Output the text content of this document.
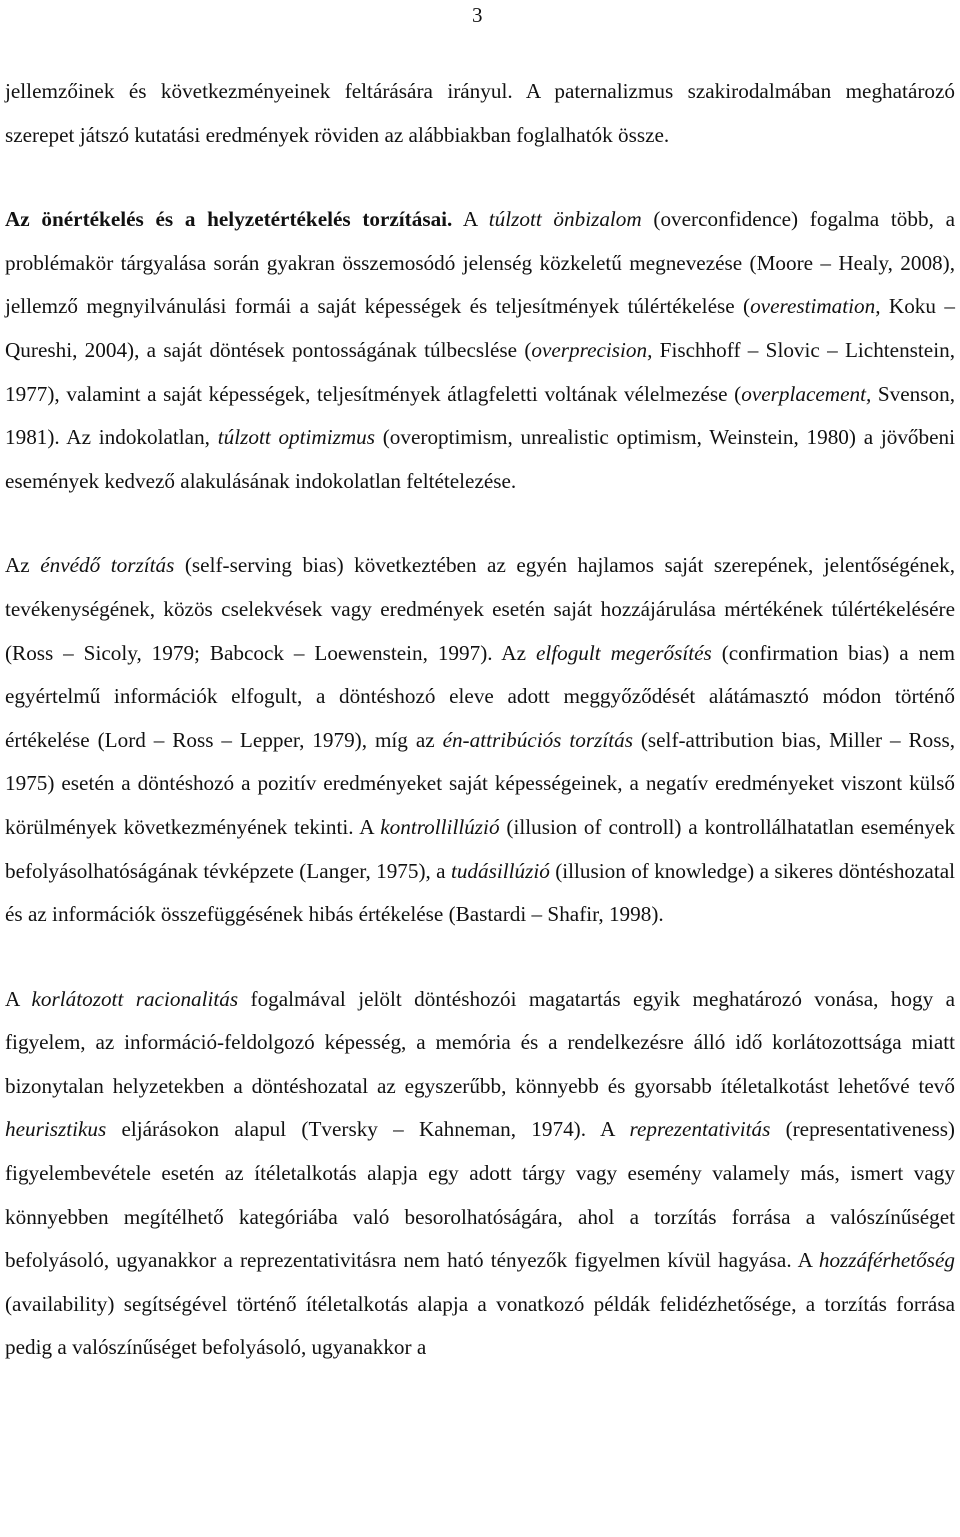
3

jellemzőinek és következményeinek feltárására irányul. A paternalizmus szakirodalmában meghatározó szerepet játszó kutatási eredmények röviden az alábbiakban foglalhatók össze.

Az önértékelés és a helyzetértékelés torzításai. A túlzott önbizalom (overconfidence) fogalma több, a problémakör tárgyalása során gyakran összemosódó jelenség közkeletű megnevezése (Moore – Healy, 2008), jellemző megnyilvánulási formái a saját képességek és teljesítmények túlértékelése (overestimation, Koku – Qureshi, 2004), a saját döntések pontosságának túlbecslése (overprecision, Fischhoff – Slovic – Lichtenstein, 1977), valamint a saját képességek, teljesítmények átlagfeletti voltának vélelmezése (overplacement, Svenson, 1981). Az indokolatlan, túlzott optimizmus (overoptimism, unrealistic optimism, Weinstein, 1980) a jövőbeni események kedvező alakulásának indokolatlan feltételezése.

Az énvédő torzítás (self-serving bias) következtében az egyén hajlamos saját szerepének, jelentőségének, tevékenységének, közös cselekvések vagy eredmények esetén saját hozzájárulása mértékének túlértékelésére (Ross – Sicoly, 1979; Babcock – Loewenstein, 1997). Az elfogult megerősítés (confirmation bias) a nem egyértelmű információk elfogult, a döntéshozó eleve adott meggyőződését alátámasztó módon történő értékelése (Lord – Ross – Lepper, 1979), míg az én-attribúciós torzítás (self-attribution bias, Miller – Ross, 1975) esetén a döntéshozó a pozitív eredményeket saját képességeinek, a negatív eredményeket viszont külső körülmények következményének tekinti. A kontrollillúzió (illusion of controll) a kontrollálhatatlan események befolyásolhatóságának tévképzete (Langer, 1975), a tudásillúzió (illusion of knowledge) a sikeres döntéshozatal és az információk összefüggésének hibás értékelése (Bastardi – Shafir, 1998).

A korlátozott racionalitás fogalmával jelölt döntéshozói magatartás egyik meghatározó vonása, hogy a figyelem, az információ-feldolgozó képesség, a memória és a rendelkezésre álló idő korlátozottsága miatt bizonytalan helyzetekben a döntéshozatal az egyszerűbb, könnyebb és gyorsabb ítéletalkotást lehetővé tevő heurisztikus eljárásokon alapul (Tversky – Kahneman, 1974). A reprezentativitás (representativeness) figyelembevétele esetén az ítéletalkotás alapja egy adott tárgy vagy esemény valamely más, ismert vagy könnyebben megítélhető kategóriába való besorolhatóságára, ahol a torzítás forrása a valószínűséget befolyásoló, ugyanakkor a reprezentativitásra nem ható tényezők figyelmen kívül hagyása. A hozzáférhetőség (availability) segítségével történő ítéletalkotás alapja a vonatkozó példák felidézhetősége, a torzítás forrása pedig a valószínűséget befolyásoló, ugyanakkor a
